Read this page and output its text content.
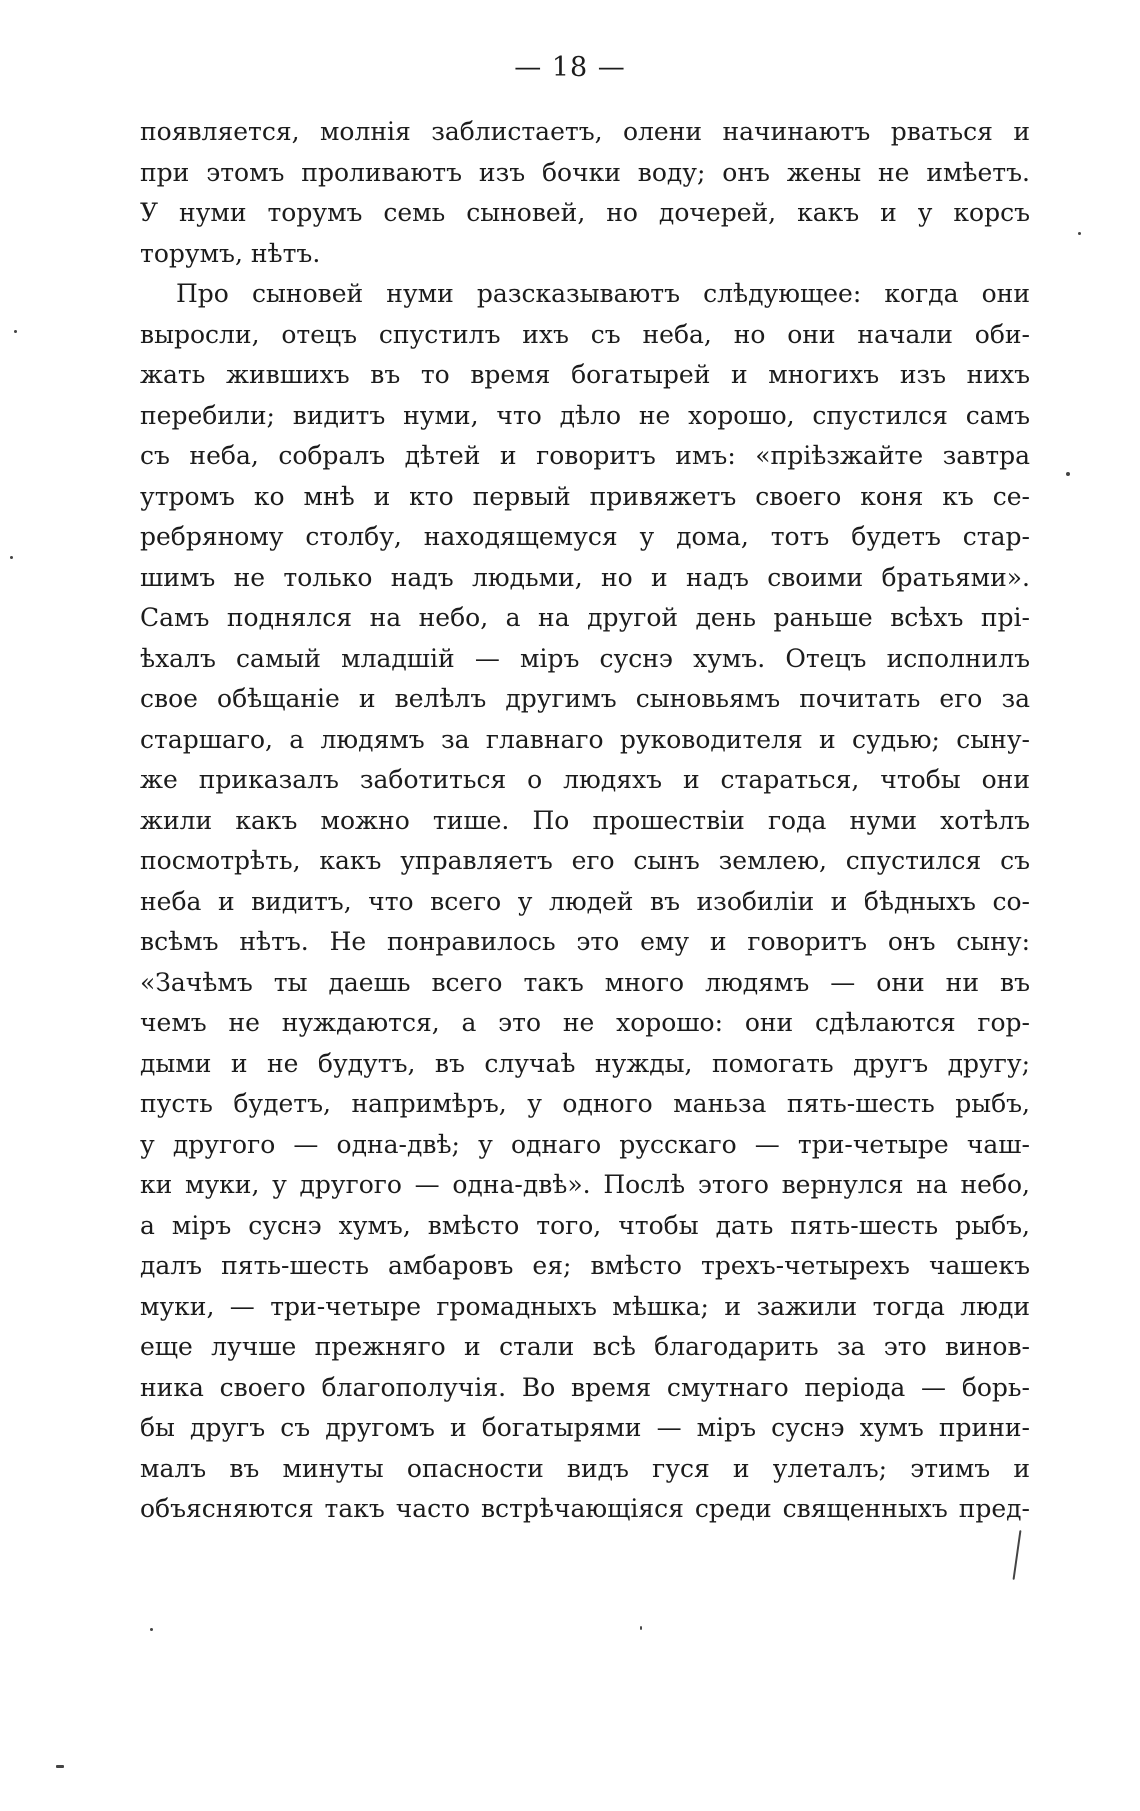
— 18 —
появляется, молнія заблистаетъ, олени начинаютъ рваться и
при этомъ проливаютъ изъ бочки воду; онъ жены не имѣетъ.
У нуми торумъ семь сыновей, но дочерей, какъ и у корсъ
торумъ, нѣтъ.
Про сыновей нуми разсказываютъ слѣдующее: когда они
выросли, отецъ спустилъ ихъ съ неба, но они начали оби-
жать жившихъ въ то время богатырей и многихъ изъ нихъ
перебили; видитъ нуми, что дѣло не хорошо, спустился самъ
съ неба, собралъ дѣтей и говоритъ имъ: «пріѣзжайте завтра
утромъ ко мнѣ и кто первый привяжетъ своего коня къ се-
ребряному столбу, находящемуся у дома, тотъ будетъ стар-
шимъ не только надъ людьми, но и надъ своими братьями».
Самъ поднялся на небо, а на другой день раньше всѣхъ прі-
ѣхалъ самый младшій — міръ суснэ хумъ. Отецъ исполнилъ
свое обѣщаніе и велѣлъ другимъ сыновьямъ почитать его за
старшаго, а людямъ за главнаго руководителя и судью; сыну-
же приказалъ заботиться о людяхъ и стараться, чтобы они
жили какъ можно тише. По прошествіи года нуми хотѣлъ
посмотрѣть, какъ управляетъ его сынъ землею, спустился съ
неба и видитъ, что всего у людей въ изобиліи и бѣдныхъ со-
всѣмъ нѣтъ. Не понравилось это ему и говоритъ онъ сыну:
«Зачѣмъ ты даешь всего такъ много людямъ — они ни въ
чемъ не нуждаются, а это не хорошо: они сдѣлаются гор-
дыми и не будутъ, въ случаѣ нужды, помогать другъ другу;
пусть будетъ, напримѣръ, у одного маньза пять-шесть рыбъ,
у другого — одна-двѣ; у однаго русскаго — три-четыре чаш-
ки муки, у другого — одна-двѣ». Послѣ этого вернулся на небо,
а міръ суснэ хумъ, вмѣсто того, чтобы дать пять-шесть рыбъ,
далъ пять-шесть амбаровъ ея; вмѣсто трехъ-четырехъ чашекъ
муки, — три-четыре громадныхъ мѣшка; и зажили тогда люди
еще лучше прежняго и стали всѣ благодарить за это винов-
ника своего благополучія. Во время смутнаго періода — борь-
бы другъ съ другомъ и богатырями — міръ суснэ хумъ прини-
малъ въ минуты опасности видъ гуся и улеталъ; этимъ и
объясняются такъ часто встрѣчающіяся среди священныхъ пред-
